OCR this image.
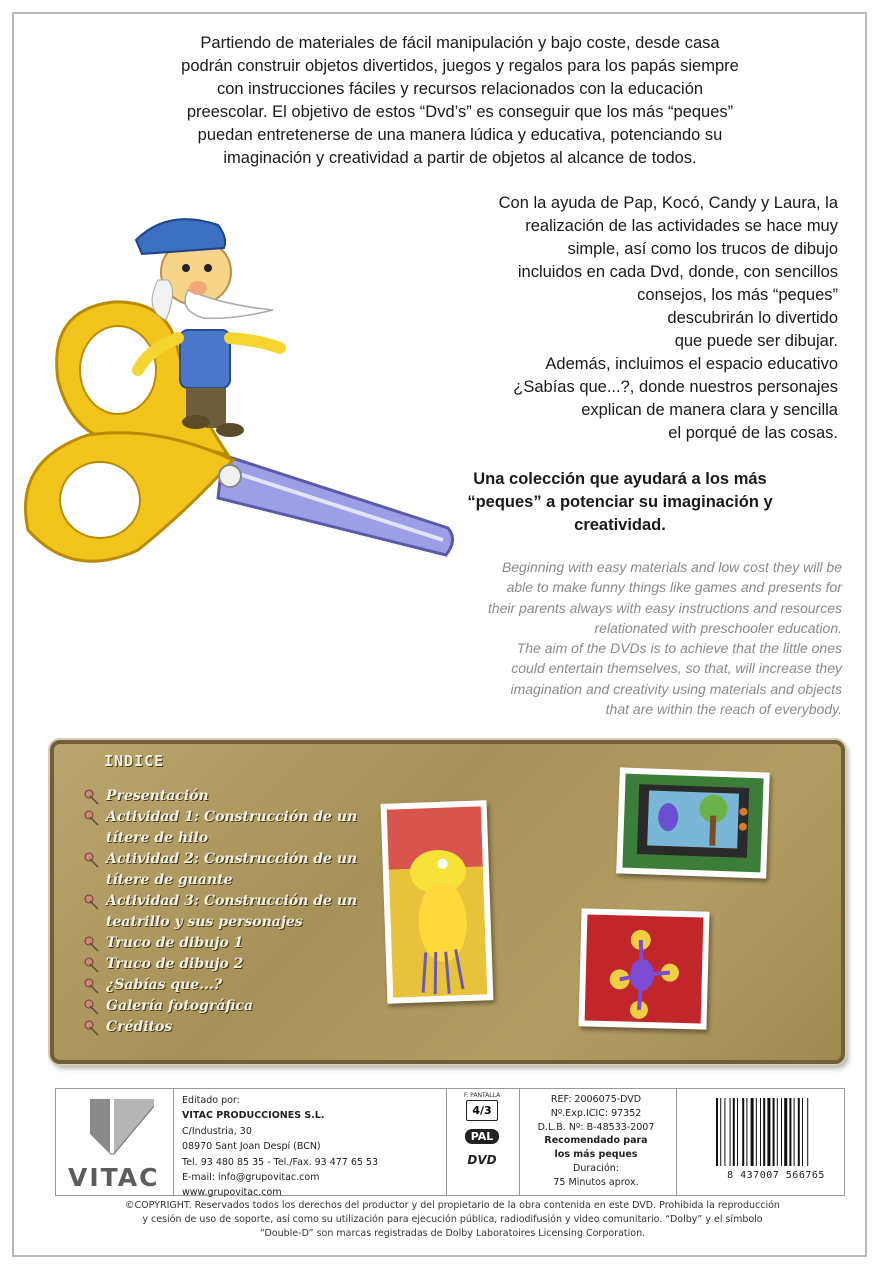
Partiendo de materiales de fácil manipulación y bajo coste, desde casa
podrán construir objetos divertidos, juegos y regalos para los papás siempre
con instrucciones fáciles y recursos relacionados con la educación
preescolar. El objetivo de estos “Dvd’s” es conseguir que los más “peques”
puedan entretenerse de una manera lúdica y educativa, potenciando su
imaginación y creatividad a partir de objetos al alcance de todos.

Con la ayuda de Pap, Kocó, Candy y Laura, la

realización de las actividades se hace muy

simple, así como los trucos de dibujo

incluidos en cada Dvd, donde, con sencillos

consejos, los más “peques”

descubrirán lo divertido

que puede ser dibujar.

Además, incluimos el espacio educativo

¿Sabías que...?, donde nuestros personajes

explican de manera clara y sencilla

el porqué de las cosas.

Una colección que ayudará a los más
“peques” a potenciar su imaginación y
creatividad.
Beginning with easy materials and low cost they will be
able to make funny things like games and presents for
their parents always with easy instructions and resources
relationated with preschooler education.
The aim of the DVDs is to achieve that the little ones
could entertain themselves, so that, will increase they
imagination and creativity using materials and objects
that are within the reach of everybody.
INDICE
Presentación
Actividad 1: Construcción de un títere de hilo
Actividad 2: Construcción de un títere de guante
Actividad 3: Construcción de un teatrillo y sus personajes
Truco de dibujo 1
Truco de dibujo 2
¿Sabías que...?
Galería fotográfica
Créditos
VITAC
Editado por:
VITAC PRODUCCIONES S.L.
C/Industria, 30
08970 Sant Joan Despí (BCN)
Tel. 93 480 85 35 - Tel./Fax. 93 477 65 53
E-mail: info@grupovitac.com
www.grupovitac.com
F. PANTALLA
4/3
PAL
DVD
REF: 2006075-DVD
Nº.Exp.ICIC: 97352
D.L.B. Nº: B-48533-2007
Recomendado para
los más peques
Duración:
75 Minutos aprox.
8 437007 566765
©COPYRIGHT. Reservados todos los derechos del productor y del propietario de la obra contenida en este DVD. Prohibida la reproducción
y cesión de uso de soporte, así como su utilización para ejecución pública, radiodifusión y video comunitario. “Dolby” y el símbolo
“Double-D” son marcas registradas de Dolby Laboratoires Licensing Corporation.
